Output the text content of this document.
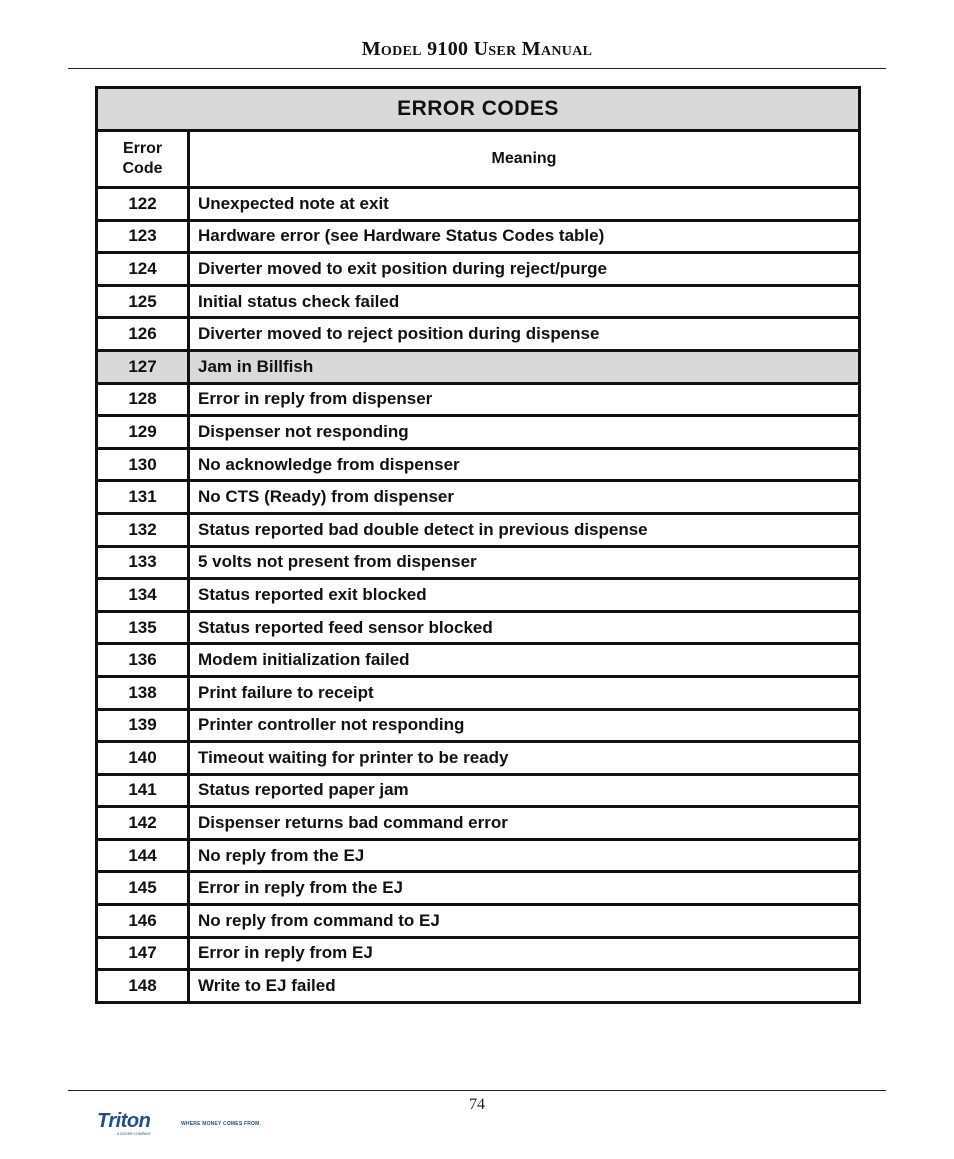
Model 9100 User Manual
ERROR CODES	
Error
Code	Meaning
122	Unexpected note at exit
123	Hardware error (see Hardware Status Codes table)
124	Diverter moved to exit position during reject/purge
125	Initial status check failed
126	Diverter moved to reject position during dispense
127	Jam in Billfish
128	Error in reply from dispenser
129	Dispenser not responding
130	No acknowledge from dispenser
131	No CTS (Ready) from dispenser
132	Status reported bad double detect in previous dispense
133	5 volts not present from dispenser
134	Status reported exit blocked
135	Status reported feed sensor blocked
136	Modem initialization failed
138	Print failure to receipt
139	Printer controller not responding
140	Timeout waiting for printer to be ready
141	Status reported paper jam
142	Dispenser returns bad command error
144	No reply from the EJ
145	Error in reply from the EJ
146	No reply from command to EJ
147	Error in reply from EJ
148	Write to EJ failed
74
Triton	WHERE MONEY COMES FROM.
A DOVER COMPANY
